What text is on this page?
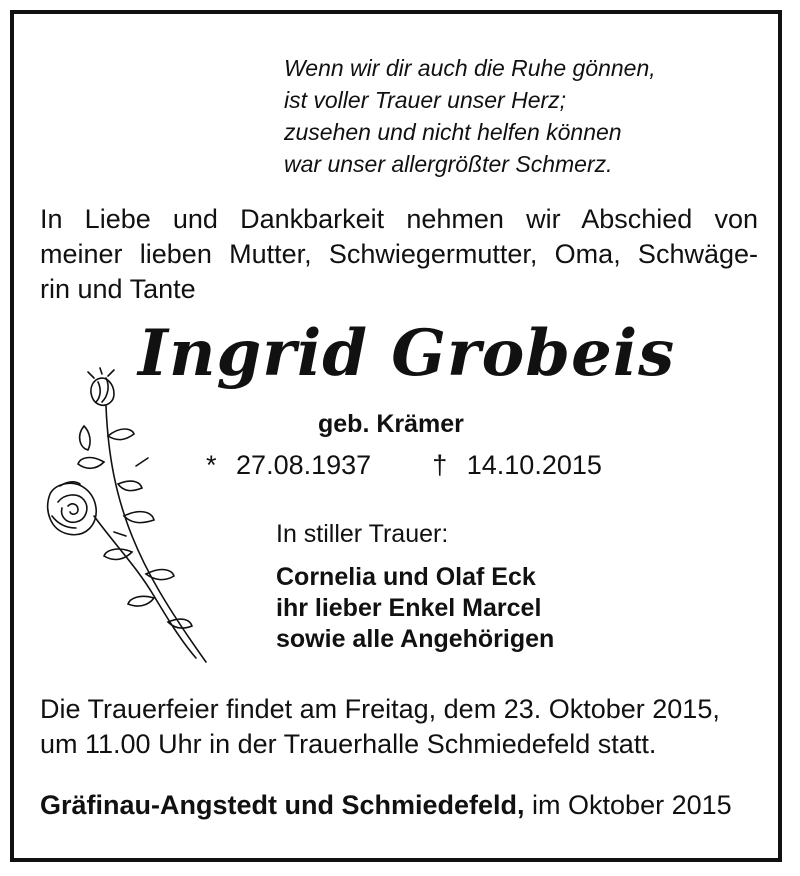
Wenn wir dir auch die Ruhe gönnen,
ist voller Trauer unser Herz;
zusehen und nicht helfen können
war unser allergrößter Schmerz.
In Liebe und Dankbarkeit nehmen wir Abschied von
meiner lieben Mutter, Schwiegermutter, Oma, Schwäge-
rin und Tante
Ingrid Grobeis
geb. Krämer
* 27.08.1937 † 14.10.2015
In stiller Trauer:
Cornelia und Olaf Eck
ihr lieber Enkel Marcel
sowie alle Angehörigen
Die Trauerfeier findet am Freitag, dem 23. Oktober 2015,
um 11.00 Uhr in der Trauerhalle Schmiedefeld statt.
Gräfinau-Angstedt und Schmiedefeld, im Oktober 2015
